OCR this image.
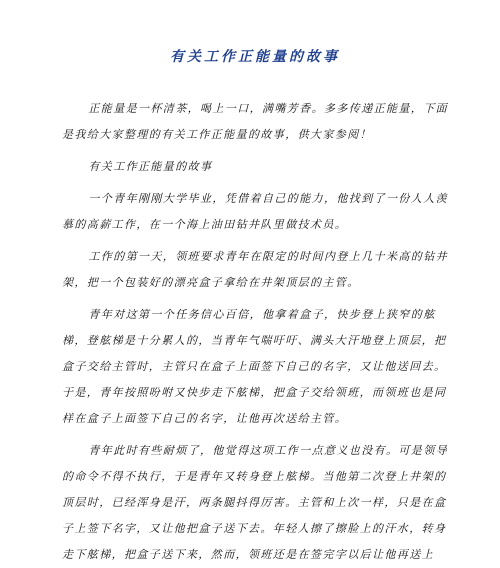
有关工作正能量的故事

正能量是一杯清茶，喝上一口，满嘴芳香。多多传递正能量，下面是我给大家整理的有关工作正能量的故事，供大家参阅！

有关工作正能量的故事

一个青年刚刚大学毕业，凭借着自己的能力，他找到了一份人人羡慕的高薪工作，在一个海上油田钻井队里做技术员。

工作的第一天，领班要求青年在限定的时间内登上几十米高的钻井架，把一个包装好的漂亮盒子拿给在井架顶层的主管。

青年对这第一个任务信心百倍，他拿着盒子，快步登上狭窄的舷梯，登舷梯是十分累人的，当青年气喘吁吁、满头大汗地登上顶层，把盒子交给主管时，主管只在盒子上面签下自己的名字，又让他送回去。于是，青年按照吩咐又快步走下舷梯，把盒子交给领班，而领班也是同样在盒子上面签下自己的名字，让他再次送给主管。

青年此时有些耐烦了，他觉得这项工作一点意义也没有。可是领导的命令不得不执行，于是青年又转身登上舷梯。当他第二次登上井架的顶层时，已经浑身是汗，两条腿抖得厉害。主管和上次一样，只是在盒子上签下名字，又让他把盒子送下去。年轻人擦了擦脸上的汗水，转身走下舷梯，把盒子送下来，然而，领班还是在签完字以后让他再送上
